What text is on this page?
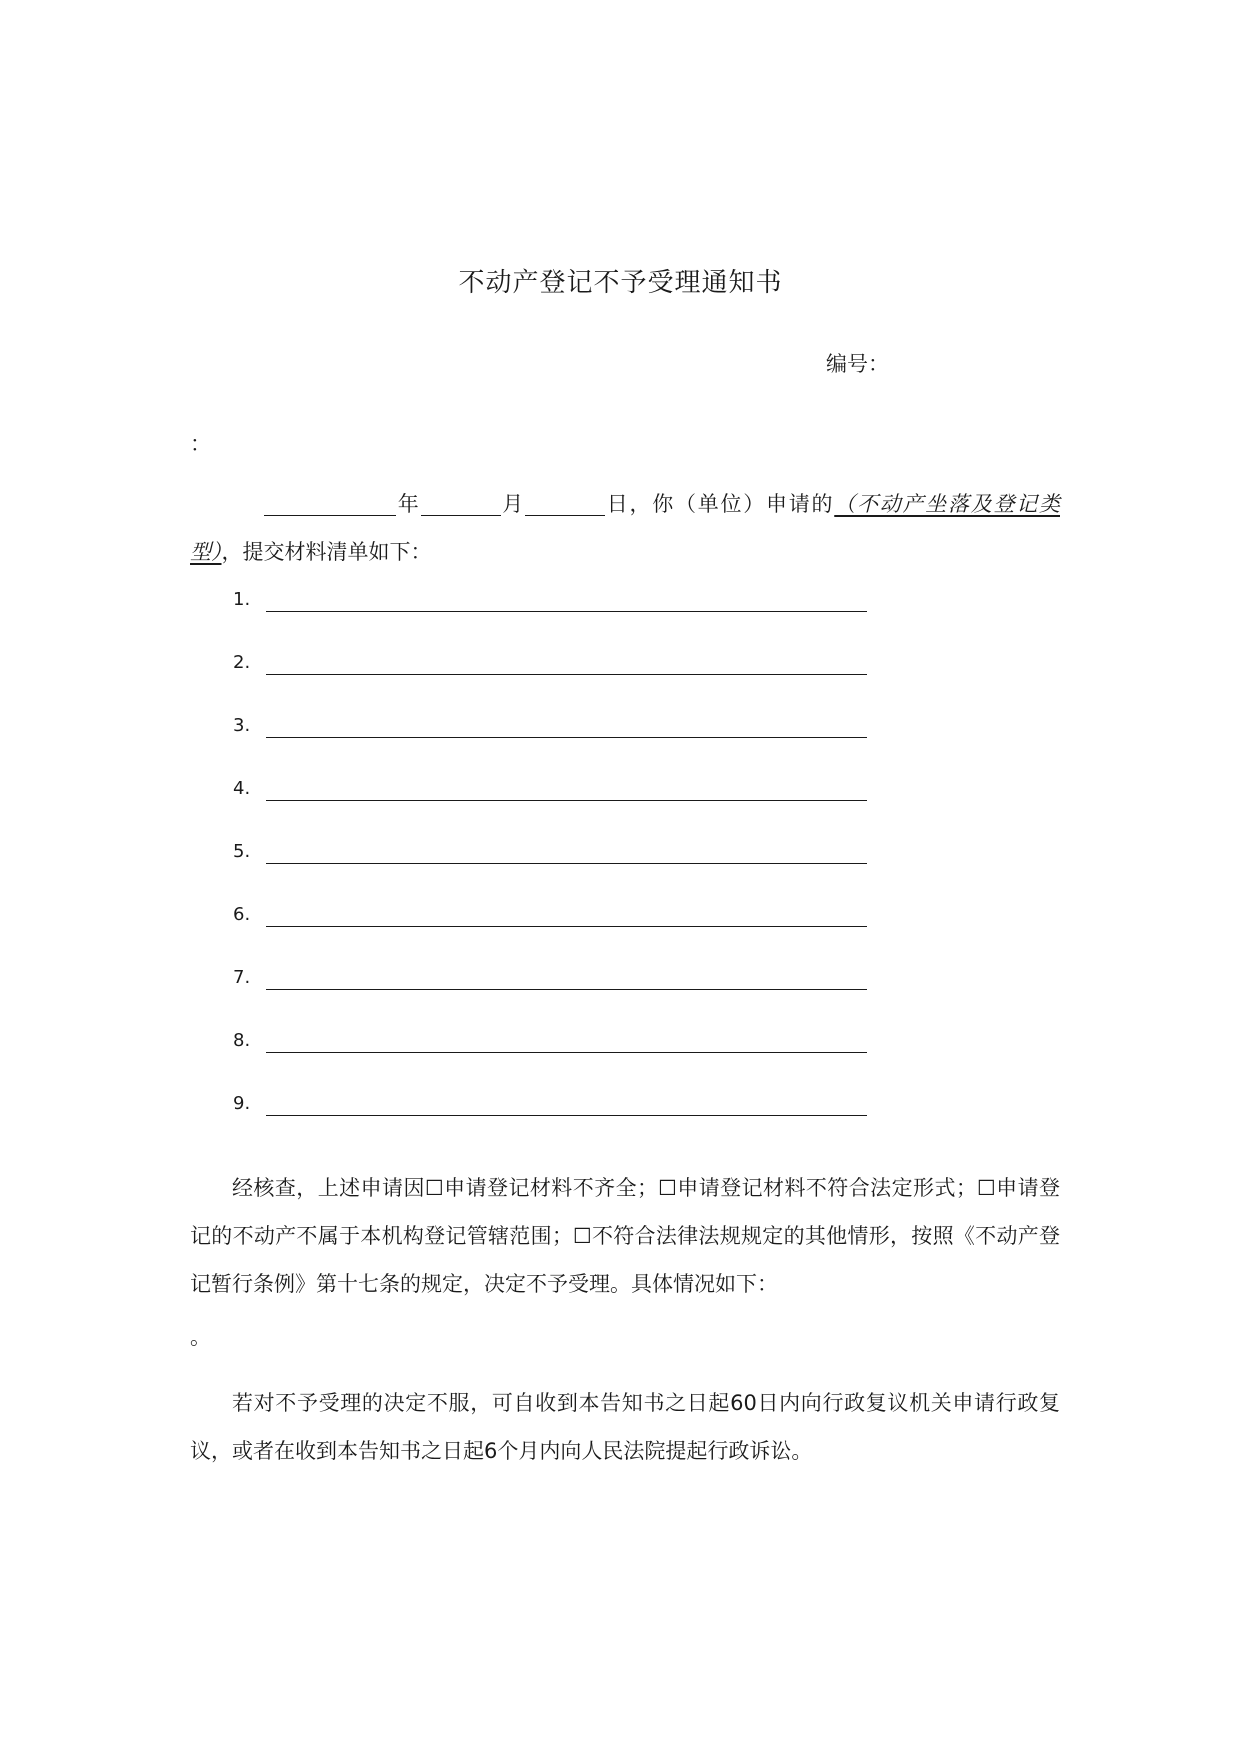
不动产登记不予受理通知书
编号：
：
年	月	日，你（单位）申请的（不动产坐落及登记类型），提交材料清单如下：
1.
2.
3.
4.
5.
6.
7.
8.
9.
经核查，上述申请因☐申请登记材料不齐全；☐申请登记材料不符合法定形式；☐申请登记的不动产不属于本机构登记管辖范围；☐不符合法律法规规定的其他情形，按照《不动产登记暂行条例》第十七条的规定，决定不予受理。具体情况如下：
。
若对不予受理的决定不服，可自收到本告知书之日起60日内向行政复议机关申请行政复议，或者在收到本告知书之日起6个月内向人民法院提起行政诉讼。
